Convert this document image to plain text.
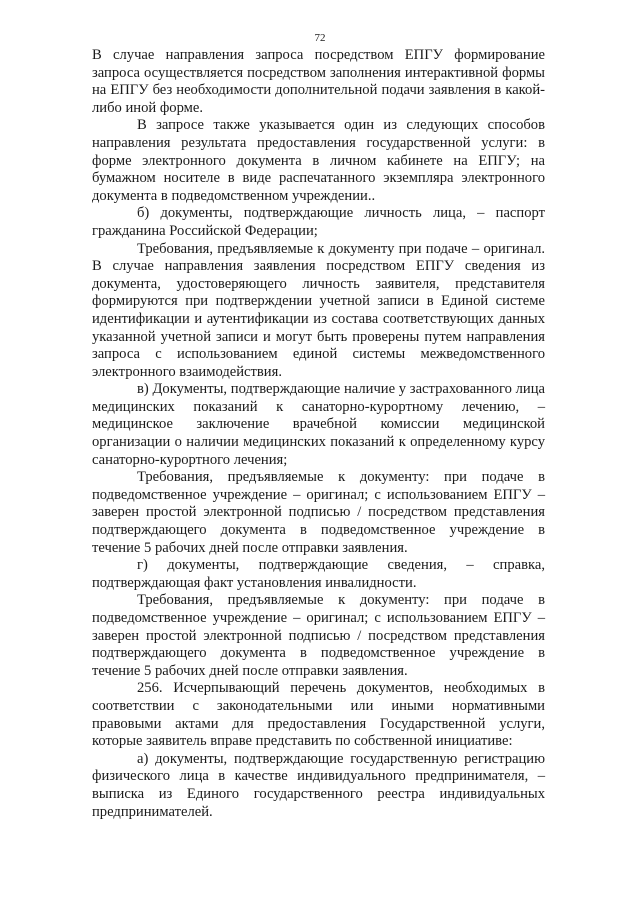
72

В случае направления запроса посредством ЕПГУ формирование запроса осуществляется посредством заполнения интерактивной формы на ЕПГУ без необходимости дополнительной подачи заявления в какой-либо иной форме.

В запросе также указывается один из следующих способов направления результата предоставления государственной услуги: в форме электронного документа в личном кабинете на ЕПГУ; на бумажном носителе в виде распечатанного экземпляра электронного документа в подведомственном учреждении..

б) документы, подтверждающие личность лица, – паспорт гражданина Российской Федерации;

Требования, предъявляемые к документу при подаче – оригинал. В случае направления заявления посредством ЕПГУ сведения из документа, удостоверяющего личность заявителя, представителя формируются при подтверждении учетной записи в Единой системе идентификации и аутентификации из состава соответствующих данных указанной учетной записи и могут быть проверены путем направления запроса с использованием единой системы межведомственного электронного взаимодействия.

в) Документы, подтверждающие наличие у застрахованного лица медицинских показаний к санаторно-курортному лечению, – медицинское заключение врачебной комиссии медицинской организации о наличии медицинских показаний к определенному курсу санаторно-курортного лечения;

Требования, предъявляемые к документу: при подаче в подведомственное учреждение – оригинал; с использованием ЕПГУ – заверен простой электронной подписью / посредством представления подтверждающего документа в подведомственное учреждение в течение 5 рабочих дней после отправки заявления.

г) документы, подтверждающие сведения, – справка, подтверждающая факт установления инвалидности.

Требования, предъявляемые к документу: при подаче в подведомственное учреждение – оригинал; с использованием ЕПГУ – заверен простой электронной подписью / посредством представления подтверждающего документа в подведомственное учреждение в течение 5 рабочих дней после отправки заявления.

256. Исчерпывающий перечень документов, необходимых в соответствии с законодательными или иными нормативными правовыми актами для предоставления Государственной услуги, которые заявитель вправе представить по собственной инициативе:

а) документы, подтверждающие государственную регистрацию физического лица в качестве индивидуального предпринимателя, – выписка из Единого государственного реестра индивидуальных предпринимателей.
